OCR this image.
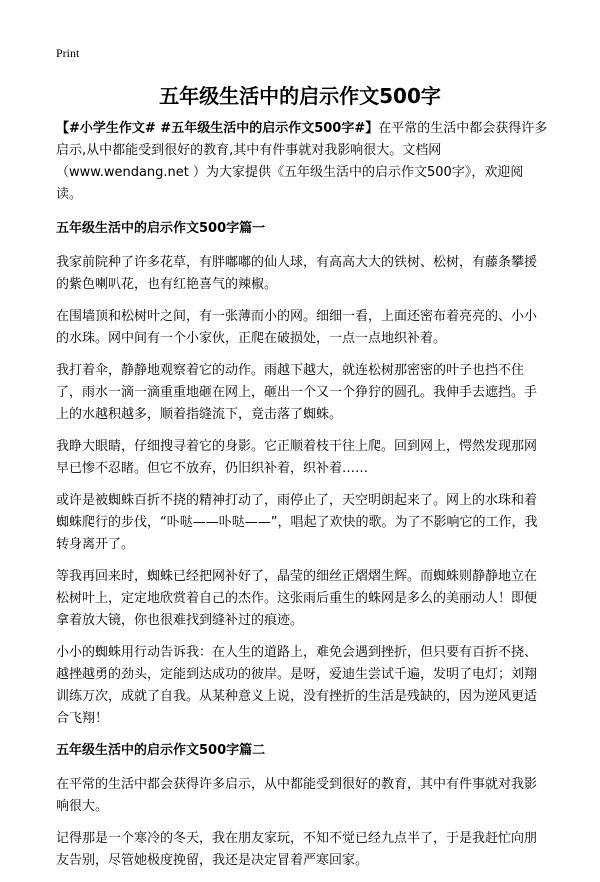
Print
五年级生活中的启示作文500字

【#小学生作文# #五年级生活中的启示作文500字#】在平常的生活中都会获得许多启示,从中都能受到很好的教育,其中有件事就对我影响很大。文档网（www.wendang.net ）为大家提供《五年级生活中的启示作文500字》，欢迎阅读。

五年级生活中的启示作文500字篇一

我家前院种了许多花草，有胖嘟嘟的仙人球，有高高大大的铁树、松树，有藤条攀援的紫色喇叭花，也有红艳喜气的辣椒。

在围墙顶和松树叶之间，有一张薄而小的网。细细一看，上面还密布着亮亮的、小小的水珠。网中间有一个小家伙，正爬在破损处，一点一点地织补着。

我打着伞，静静地观察着它的动作。雨越下越大，就连松树那密密的叶子也挡不住了，雨水一滴一滴重重地砸在网上，砸出一个又一个狰狞的圆孔。我伸手去遮挡。手上的水越积越多，顺着指缝流下，竟击落了蜘蛛。

我睁大眼睛，仔细搜寻着它的身影。它正顺着枝干往上爬。回到网上，愕然发现那网早已惨不忍睹。但它不放弃，仍旧织补着，织补着……

或许是被蜘蛛百折不挠的精神打动了，雨停止了，天空明朗起来了。网上的水珠和着蜘蛛爬行的步伐，“卟哒——卟哒——”，唱起了欢快的歌。为了不影响它的工作，我转身离开了。

等我再回来时，蜘蛛已经把网补好了，晶莹的细丝正熠熠生辉。而蜘蛛则静静地立在松树叶上，定定地欣赏着自己的杰作。这张雨后重生的蛛网是多么的美丽动人！即便拿着放大镜，你也很难找到缝补过的痕迹。

小小的蜘蛛用行动告诉我：在人生的道路上，难免会遇到挫折，但只要有百折不挠、越挫越勇的劲头，定能到达成功的彼岸。是呀，爱迪生尝试千遍，发明了电灯；刘翔训练万次，成就了自我。从某种意义上说，没有挫折的生活是残缺的，因为逆风更适合飞翔！

五年级生活中的启示作文500字篇二

在平常的生活中都会获得许多启示，从中都能受到很好的教育，其中有件事就对我影响很大。

记得那是一个寒冷的冬天，我在朋友家玩，不知不觉已经九点半了，于是我赶忙向朋友告别，尽管她极度挽留，我还是决定冒着严寒回家。
